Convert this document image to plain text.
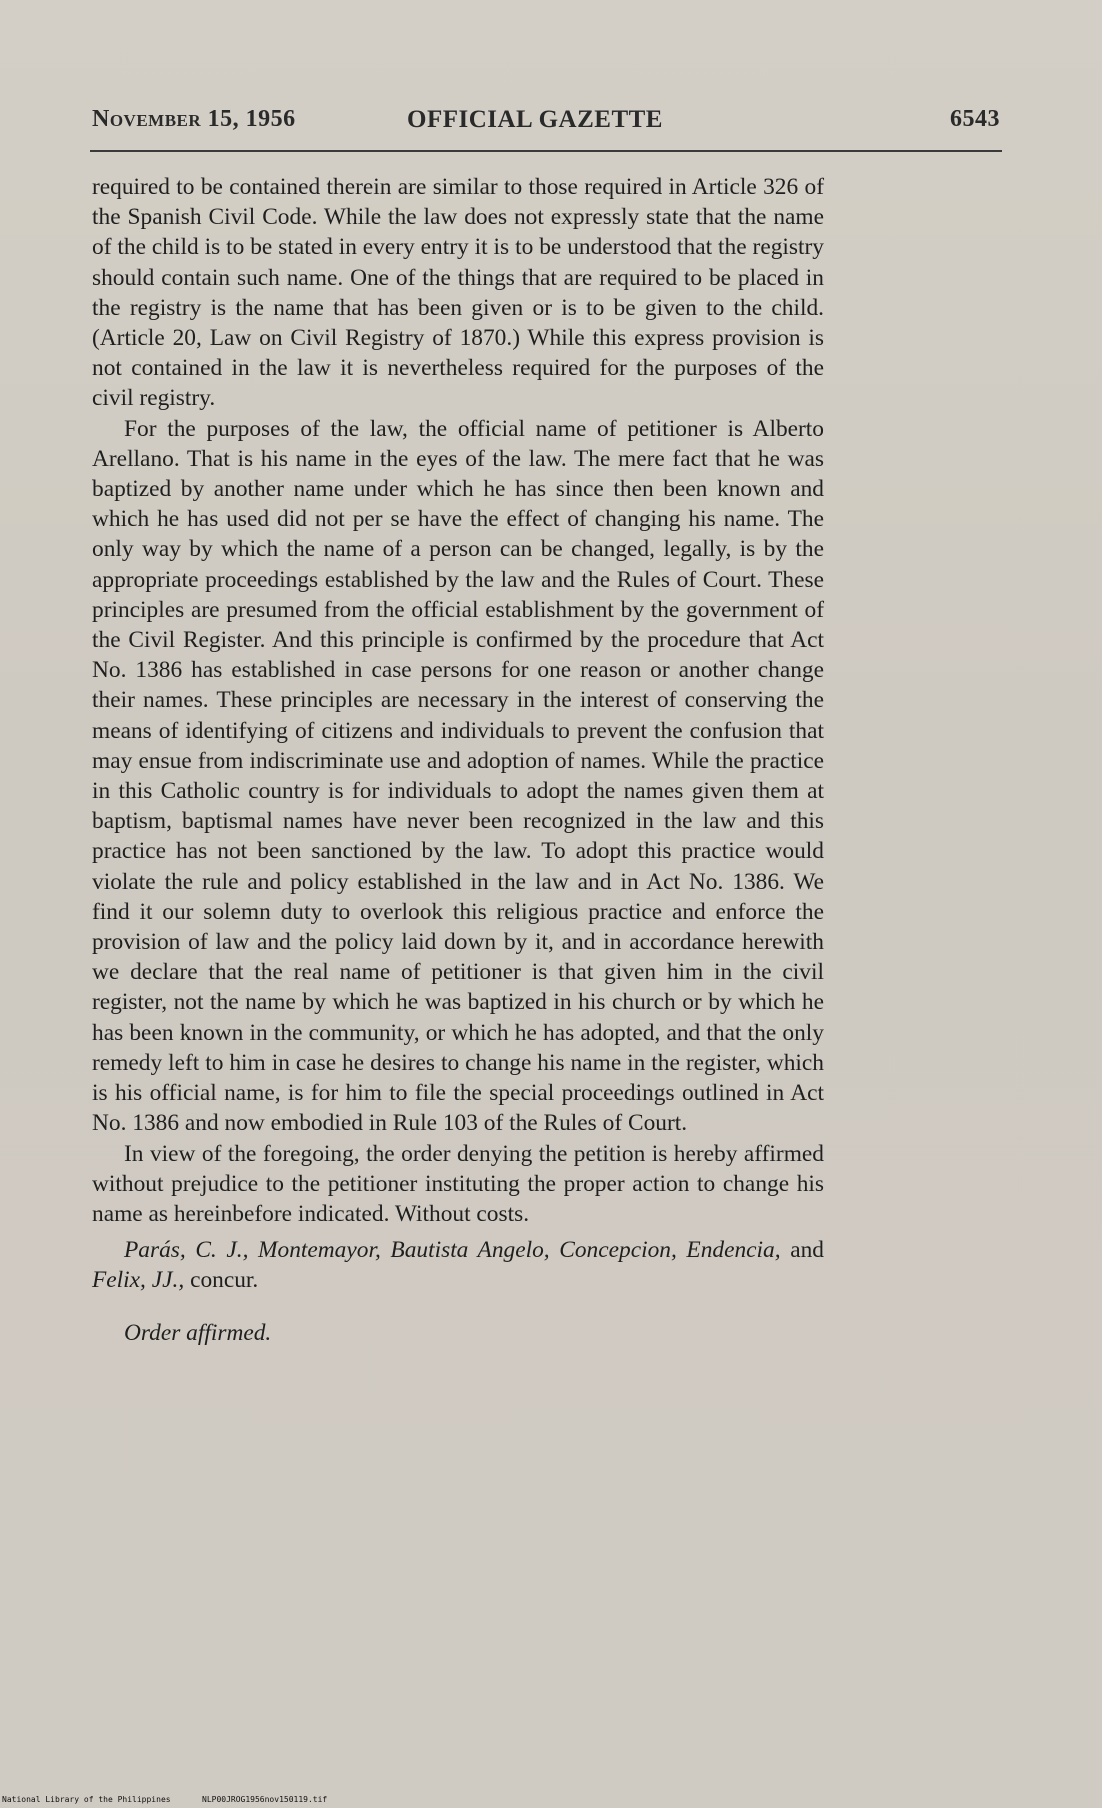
November 15, 1956	OFFICIAL GAZETTE	6543

required to be contained therein are similar to those required in Article 326 of the Spanish Civil Code. While the law does not expressly state that the name of the child is to be stated in every entry it is to be understood that the registry should contain such name. One of the things that are required to be placed in the registry is the name that has been given or is to be given to the child. (Article 20, Law on Civil Registry of 1870.) While this express provision is not contained in the law it is nevertheless required for the purposes of the civil registry.

For the purposes of the law, the official name of petitioner is Alberto Arellano. That is his name in the eyes of the law. The mere fact that he was baptized by another name under which he has since then been known and which he has used did not per se have the effect of changing his name. The only way by which the name of a person can be changed, legally, is by the appropriate proceedings established by the law and the Rules of Court. These principles are presumed from the official establishment by the government of the Civil Register. And this principle is confirmed by the procedure that Act No. 1386 has established in case persons for one reason or another change their names. These principles are necessary in the interest of conserving the means of identifying of citizens and individuals to prevent the confusion that may ensue from indiscriminate use and adoption of names. While the practice in this Catholic country is for individuals to adopt the names given them at baptism, baptismal names have never been recognized in the law and this practice has not been sanctioned by the law. To adopt this practice would violate the rule and policy established in the law and in Act No. 1386. We find it our solemn duty to overlook this religious practice and enforce the provision of law and the policy laid down by it, and in accordance herewith we declare that the real name of petitioner is that given him in the civil register, not the name by which he was baptized in his church or by which he has been known in the community, or which he has adopted, and that the only remedy left to him in case he desires to change his name in the register, which is his official name, is for him to file the special proceedings outlined in Act No. 1386 and now embodied in Rule 103 of the Rules of Court.

In view of the foregoing, the order denying the petition is hereby affirmed without prejudice to the petitioner instituting the proper action to change his name as hereinbefore indicated. Without costs.

Parás, C. J., Montemayor, Bautista Angelo, Concepcion, Endencia, and Felix, JJ., concur.

Order affirmed.

National Library of the Philippines	NLP00JROG1956nov150119.tif
